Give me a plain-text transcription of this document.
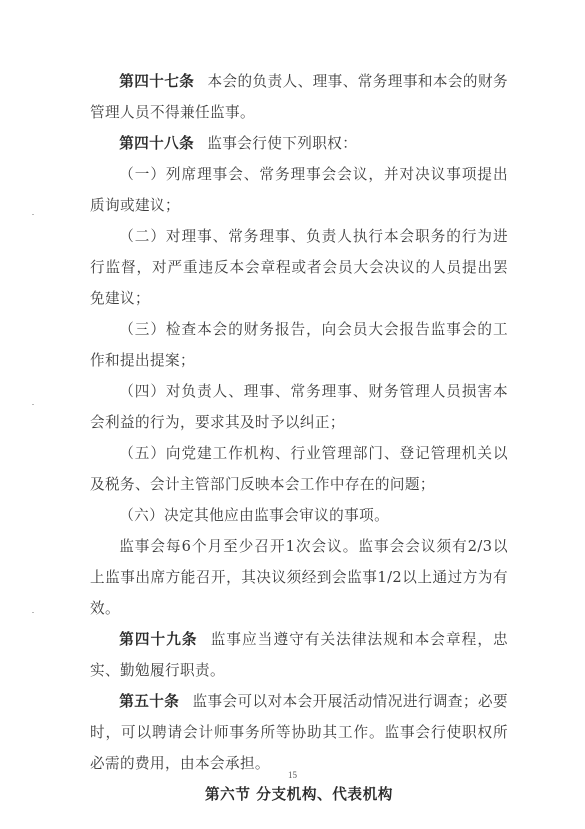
第四十七条 本会的负责人、理事、常务理事和本会的财务管理人员不得兼任监事。

第四十八条 监事会行使下列职权：

（一）列席理事会、常务理事会会议，并对决议事项提出质询或建议；

（二）对理事、常务理事、负责人执行本会职务的行为进行监督，对严重违反本会章程或者会员大会决议的人员提出罢免建议；

（三）检查本会的财务报告，向会员大会报告监事会的工作和提出提案；

（四）对负责人、理事、常务理事、财务管理人员损害本会利益的行为，要求其及时予以纠正；

（五）向党建工作机构、行业管理部门、登记管理机关以及税务、会计主管部门反映本会工作中存在的问题；

（六）决定其他应由监事会审议的事项。

监事会每6个月至少召开1次会议。监事会会议须有2/3以上监事出席方能召开，其决议须经到会监事1/2以上通过方为有效。

第四十九条 监事应当遵守有关法律法规和本会章程，忠实、勤勉履行职责。

第五十条 监事会可以对本会开展活动情况进行调查；必要时，可以聘请会计师事务所等协助其工作。监事会行使职权所必需的费用，由本会承担。

第六节 分支机构、代表机构

15
